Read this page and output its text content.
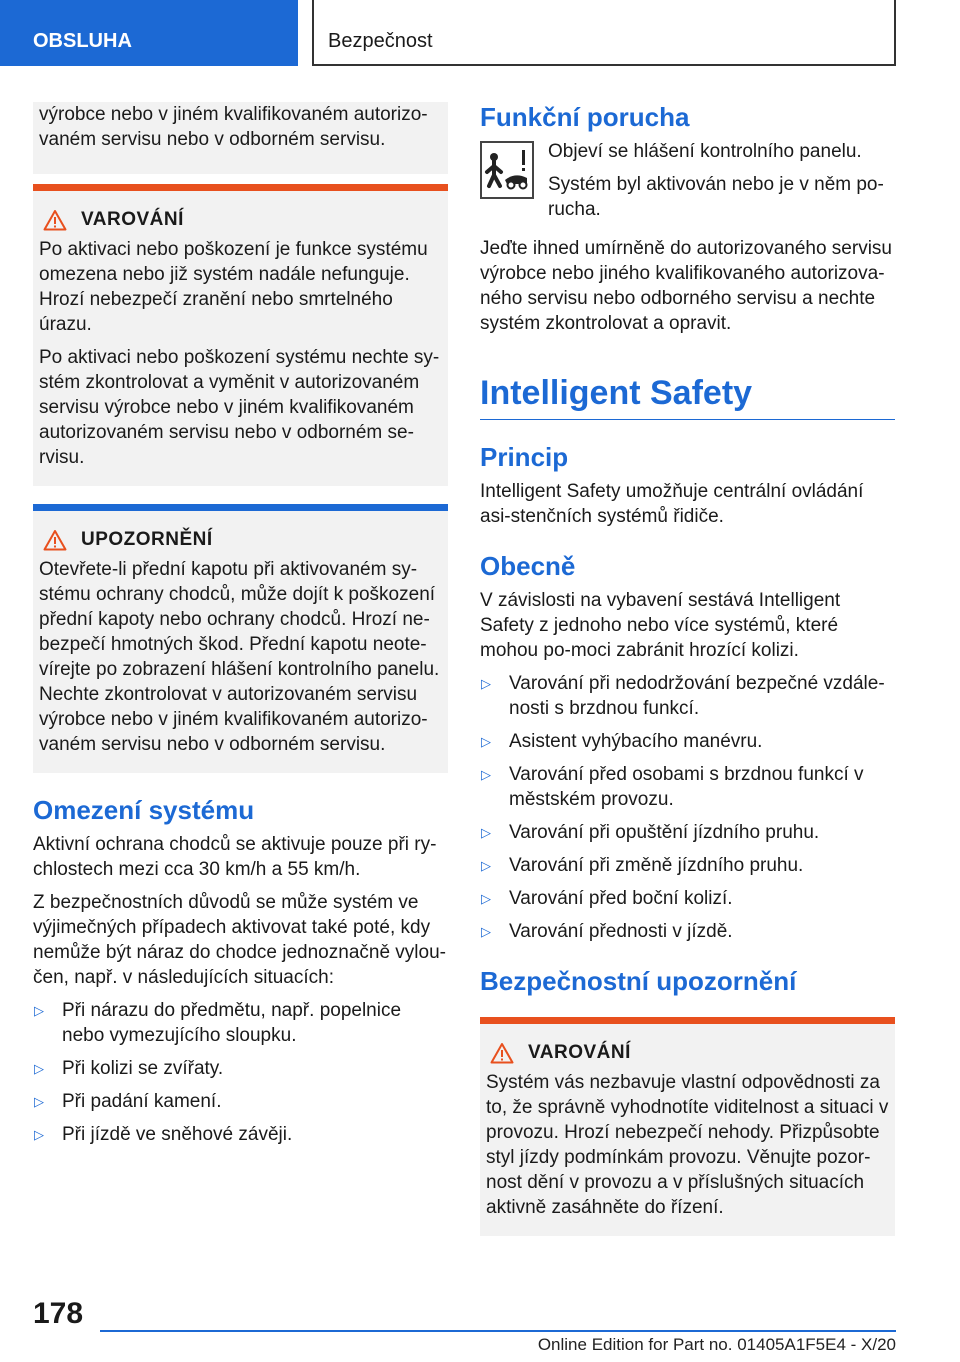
OBSLUHA	Bezpečnost

výrobce nebo v jiném kvalifikovaném autorizo-vaném servisu nebo v odborném servisu.

VAROVÁNÍ

Po aktivaci nebo poškození je funkce systému omezena nebo již systém nadále nefunguje. Hrozí nebezpečí zranění nebo smrtelného úrazu.

Po aktivaci nebo poškození systému nechte sy-stém zkontrolovat a vyměnit v autorizovaném servisu výrobce nebo v jiném kvalifikovaném autorizovaném servisu nebo v odborném se-rvisu.

UPOZORNĚNÍ

Otevřete-li přední kapotu při aktivovaném sy-stému ochrany chodců, může dojít k poškození přední kapoty nebo ochrany chodců. Hrozí ne-bezpečí hmotných škod. Přední kapotu neote-vírejte po zobrazení hlášení kontrolního panelu. Nechte zkontrolovat v autorizovaném servisu výrobce nebo v jiném kvalifikovaném autorizo-vaném servisu nebo v odborném servisu.

Omezení systému

Aktivní ochrana chodců se aktivuje pouze při ry-chlostech mezi cca 30 km/h a 55 km/h.

Z bezpečnostních důvodů se může systém ve výjimečných případech aktivovat také poté, kdy nemůže být náraz do chodce jednoznačně vylou-čen, např. v následujících situacích:

▷ Při nárazu do předmětu, např. popelnice nebo vymezujícího sloupku.
▷ Při kolizi se zvířaty.
▷ Při padání kamení.
▷ Při jízdě ve sněhové závěji.
Funkční porucha

Objeví se hlášení kontrolního panelu.

Systém byl aktivován nebo je v něm po-rucha.

Jeďte ihned umírněně do autorizovaného servisu výrobce nebo jiného kvalifikovaného autorizova-ného servisu nebo odborného servisu a nechte systém zkontrolovat a opravit.

Intelligent Safety
Princip

Intelligent Safety umožňuje centrální ovládání asi-stenčních systémů řidiče.

Obecně

V závislosti na vybavení sestává Intelligent Safety z jednoho nebo více systémů, které mohou po-moci zabránit hrozící kolizi.

▷ Varování při nedodržování bezpečné vzdále-nosti s brzdnou funkcí.
▷ Asistent vyhýbacího manévru.
▷ Varování před osobami s brzdnou funkcí v městském provozu.
▷ Varování při opuštění jízdního pruhu.
▷ Varování při změně jízdního pruhu.
▷ Varování před boční kolizí.
▷ Varování přednosti v jízdě.
Bezpečnostní upozornění
VAROVÁNÍ

Systém vás nezbavuje vlastní odpovědnosti za to, že správně vyhodnotíte viditelnost a situaci v provozu. Hrozí nebezpečí nehody. Přizpůsobte styl jízdy podmínkám provozu. Věnujte pozor-nost dění v provozu a v příslušných situacích aktivně zasáhněte do řízení.

178
Online Edition for Part no. 01405A1F5E4 - X/20
